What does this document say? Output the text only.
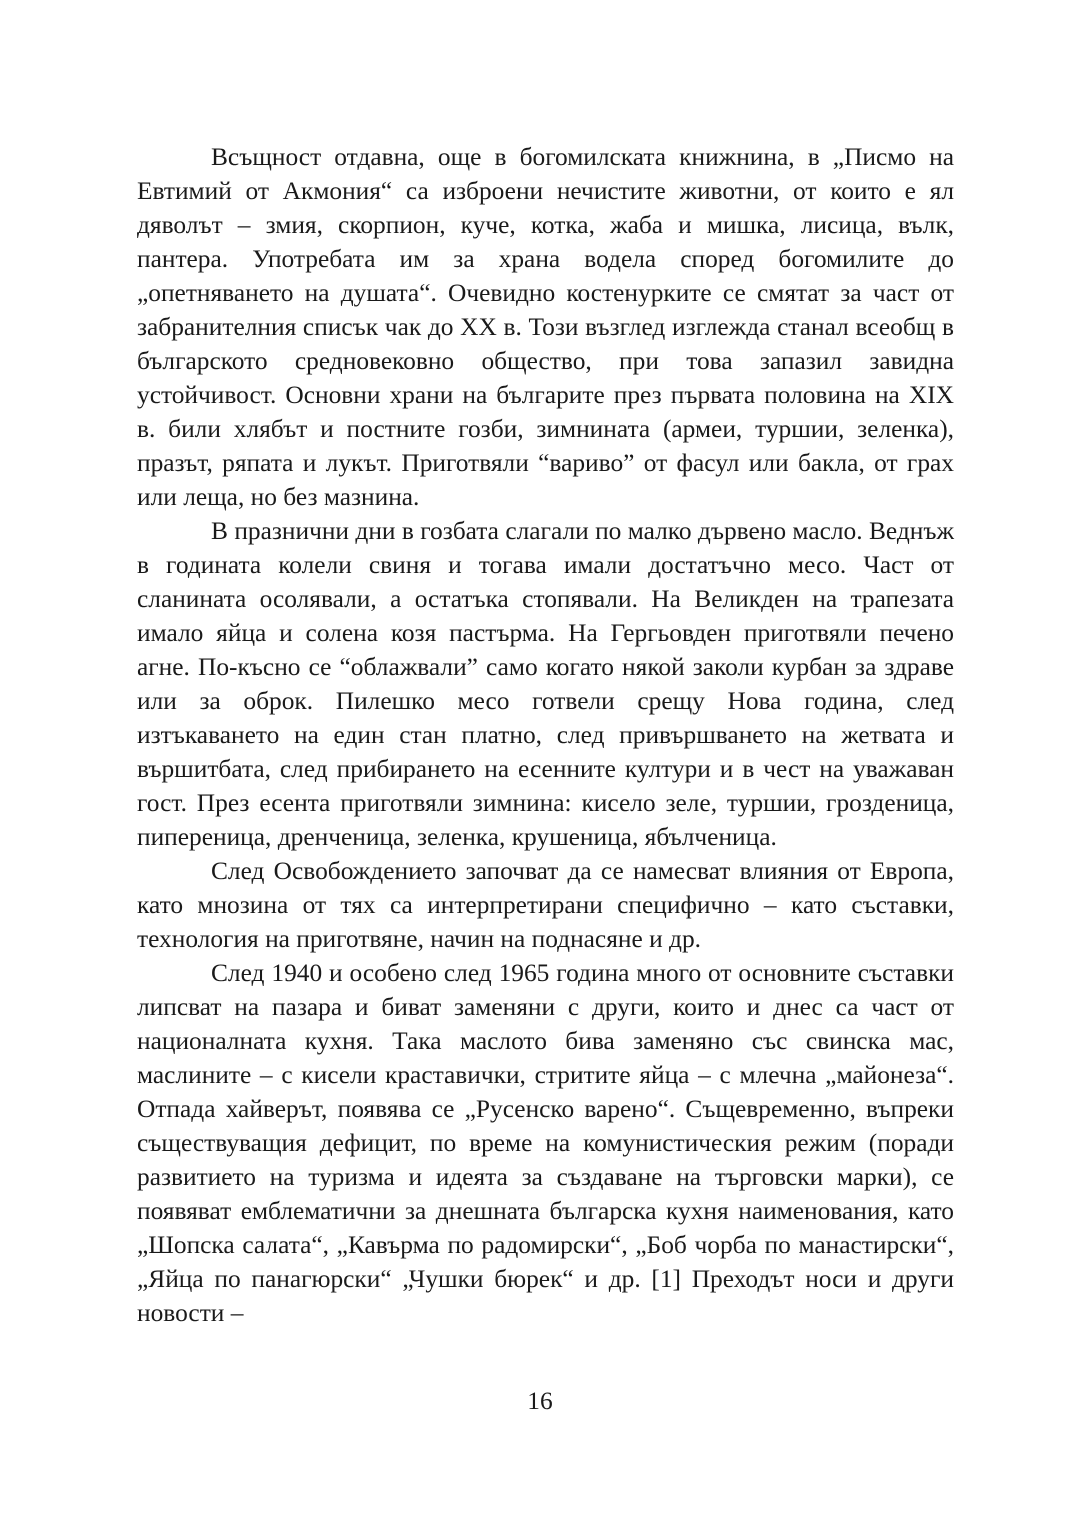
Всъщност отдавна, още в богомилската книжнина, в „Писмо на Евтимий от Акмония“ са изброени нечистите животни, от които е ял дяволът – змия, скорпион, куче, котка, жаба и мишка, лисица, вълк, пантера. Употребата им за храна водела според богомилите до „опетняването на душата“. Очевидно костенурките се смятат за част от забранителния списък чак до XX в. Този възглед изглежда станал всеобщ в българското средновековно общество, при това запазил завидна устойчивост. Основни храни на българите през първата половина на XIX в. били хлябът и постните гозби, зимнината (армеи, туршии, зеленка), празът, ряпата и лукът. Приготвяли “вариво” от фасул или бакла, от грах или леща, но без мазнина.

В празнични дни в гозбата слагали по малко дървено масло. Веднъж в годината колели свиня и тогава имали достатъчно месо. Част от сланината осолявали, а остатъка стопявали. На Великден на трапезата имало яйца и солена козя пастърма. На Гергьовден приготвяли печено агне. По-късно се “облажвали” само когато някой заколи курбан за здраве или за оброк. Пилешко месо готвели срещу Нова година, след изтъкаването на един стан платно, след привършването на жетвата и вършитбата, след прибирането на есенните култури и в чест на уважаван гост. През есента приготвяли зимнина: кисело зеле, туршии, грозденица, пипереница, дренченица, зеленка, крушеница, ябълченица.

След Освобождението започват да се намесват влияния от Европа, като мнозина от тях са интерпретирани специфично – като съставки, технология на приготвяне, начин на поднасяне и др.

След 1940 и особено след 1965 година много от основните съставки липсват на пазара и биват заменяни с други, които и днес са част от националната кухня. Така маслото бива заменяно със свинска мас, маслините – с кисели краставички, стритите яйца – с млечна „майонеза“. Отпада хайверът, появява се „Русенско варено“. Същевременно, въпреки съществуващия дефицит, по време на комунистическия режим (поради развитието на туризма и идеята за създаване на търговски марки), се появяват емблематични за днешната българска кухня наименования, като „Шопска салата“, „Кавърма по радомирски“, „Боб чорба по манастирски“, „Яйца по панагюрски“ „Чушки бюрек“ и др. [1] Преходът носи и други новости –

16
